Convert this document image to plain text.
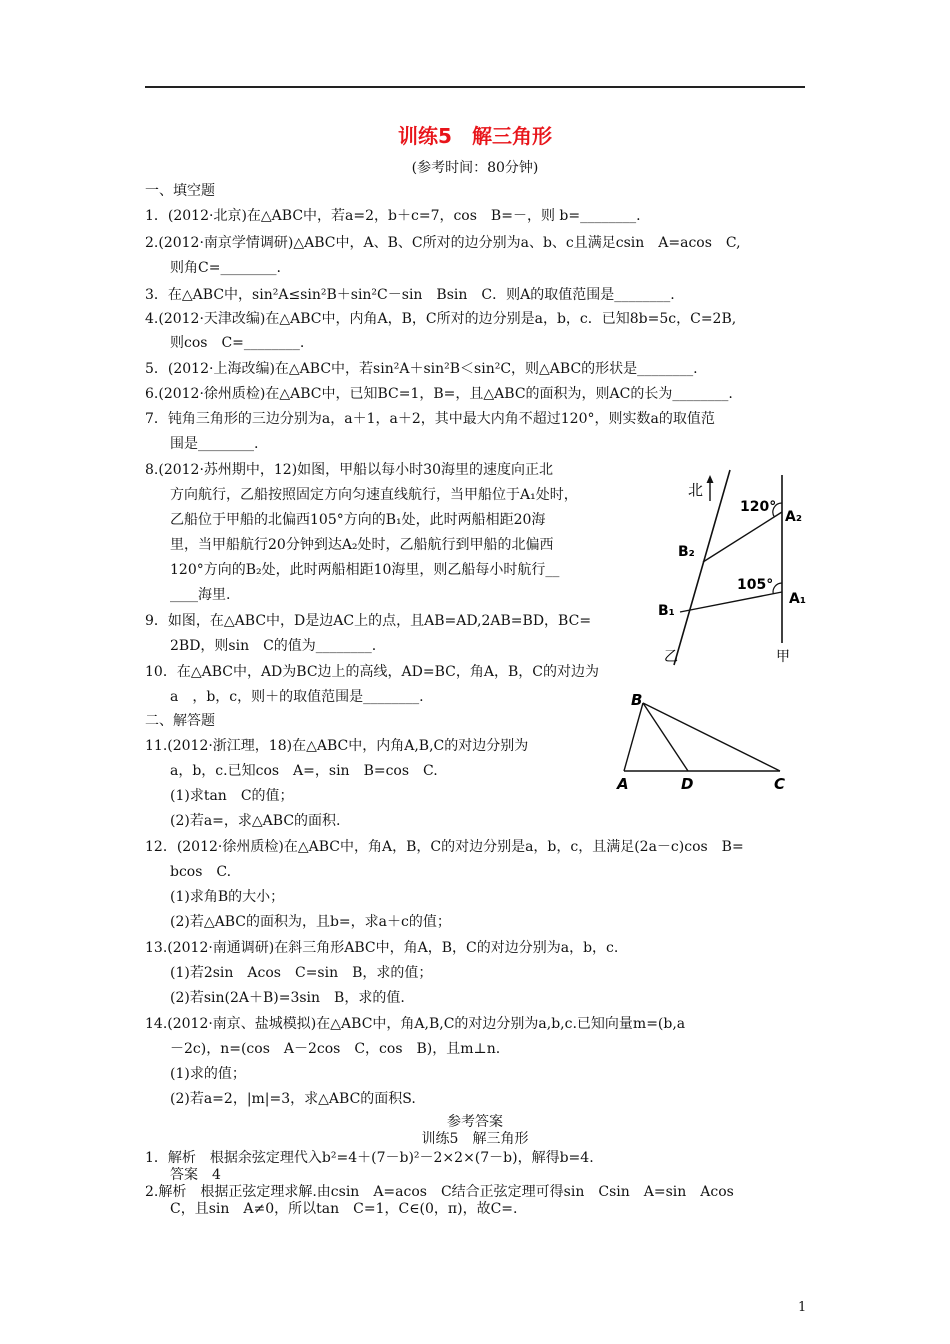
训练5　解三角形
(参考时间：80分钟)
一、填空题
1．(2012·北京)在△ABC中，若a=2，b＋c=7，cos　B=－，则 b=________.
2.(2012·南京学情调研)△ABC中，A、B、C所对的边分别为a、b、c且满足csin　A=acos　C,
则角C=________.
3．在△ABC中，sin²A≤sin²B＋sin²C－sin　Bsin　C．则A的取值范围是________.
4.(2012·天津改编)在△ABC中，内角A，B，C所对的边分别是a，b，c．已知8b=5c，C=2B,
则cos　C=________.
5．(2012·上海改编)在△ABC中，若sin²A＋sin²B＜sin²C，则△ABC的形状是________.
6.(2012·徐州质检)在△ABC中，已知BC=1，B=，且△ABC的面积为，则AC的长为________.
7．钝角三角形的三边分别为a，a＋1，a＋2，其中最大内角不超过120°，则实数a的取值范
围是________.
8.(2012·苏州期中，12)如图，甲船以每小时30海里的速度向正北
方向航行，乙船按照固定方向匀速直线航行，当甲船位于A₁处时，
乙船位于甲船的北偏西105°方向的B₁处，此时两船相距20海
里，当甲船航行20分钟到达A₂处时，乙船航行到甲船的北偏西
120°方向的B₂处，此时两船相距10海里，则乙船每小时航行__
____海里.
9．如图，在△ABC中，D是边AC上的点，且AB=AD,2AB=BD，BC=
2BD，则sin　C的值为________.
10．在△ABC中，AD为BC边上的高线，AD=BC，角A，B，C的对边为
a　，b，c，则＋的取值范围是________.
二、解答题
11.(2012·浙江理，18)在△ABC中，内角A,B,C的对边分别为
a，b，c.已知cos　A=，sin　B=cos　C.
(1)求tan　C的值；
(2)若a=，求△ABC的面积.
12．(2012·徐州质检)在△ABC中，角A，B，C的对边分别是a，b，c，且满足(2a－c)cos　B=
bcos　C.
(1)求角B的大小；
(2)若△ABC的面积为，且b=，求a＋c的值；
13.(2012·南通调研)在斜三角形ABC中，角A，B，C的对边分别为a，b，c.
(1)若2sin　Acos　C=sin　B，求的值；
(2)若sin(2A＋B)=3sin　B，求的值.
14.(2012·南京、盐城模拟)在△ABC中，角A,B,C的对边分别为a,b,c.已知向量m=(b,a
－2c)，n=(cos　A－2cos　C，cos　B)，且m⊥n.
(1)求的值；
(2)若a=2，|m|=3，求△ABC的面积S.
参考答案
训练5　解三角形
1．解析　根据余弦定理代入b²=4＋(7－b)²－2×2×(7－b)，解得b=4.
答案　4
2.解析　根据正弦定理求解.由csin　A=acos　C结合正弦定理可得sin　Csin　A=sin　Acos
C，且sin　A≠0，所以tan　C=1，C∈(0，π)，故C=.
北
120°
105°
A₂
A₁
B₂
B₁
乙	甲
B
A	D	C
1
